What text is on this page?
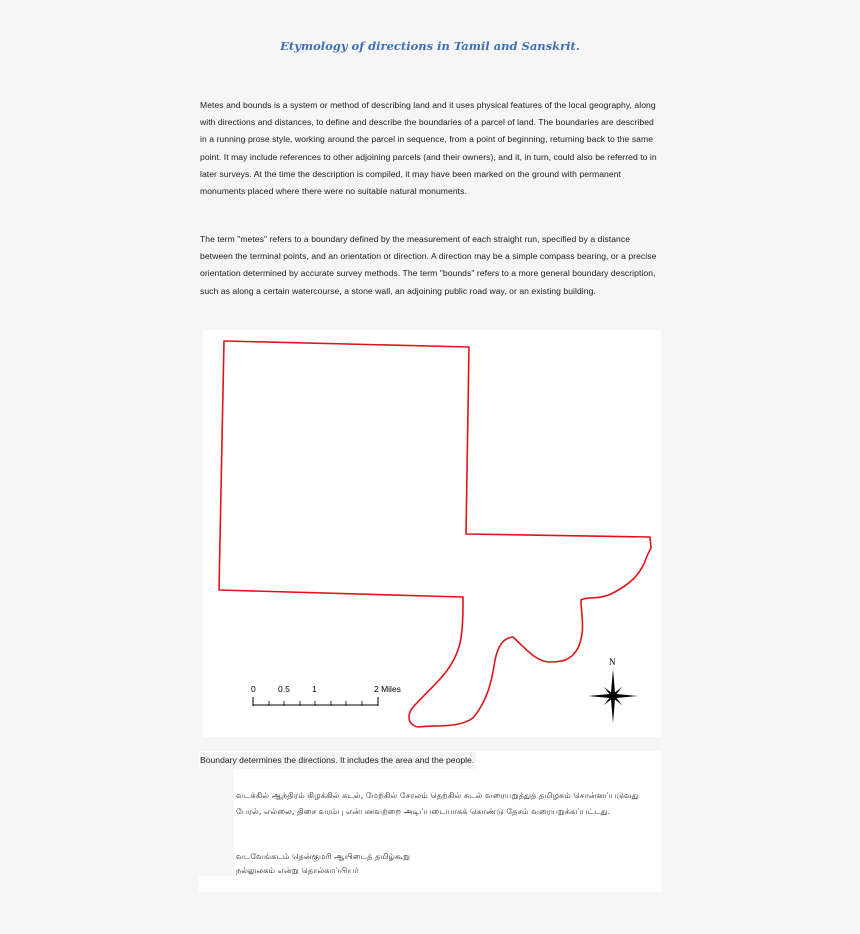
Etymology of directions in Tamil and Sanskrit.
Metes and bounds is a system or method of describing land and it uses physical features of the local geography, along with directions and distances, to define and describe the boundaries of a parcel of land. The boundaries are described in a running prose style, working around the parcel in sequence, from a point of beginning, returning back to the same point. It may include references to other adjoining parcels (and their owners), and it, in turn, could also be referred to in later surveys. At the time the description is compiled, it may have been marked on the ground with permanent monuments placed where there were no suitable natural monuments.
The term "metes" refers to a boundary defined by the measurement of each straight run, specified by a distance between the terminal points, and an orientation or direction. A direction may be a simple compass bearing, or a precise orientation determined by accurate survey methods. The term "bounds" refers to a more general boundary description, such as along a certain watercourse, a stone wall, an adjoining public road way, or an existing building.
0	0.5	1	2 Miles
N
Boundary determines the directions. It includes the area and the people.
வடக்கில் ஆந்திரம் கிழக்கில் கடல், மேற்கில் சேரலம் தெற்கில் கடல் வரையறுத்துத் தமிழகம் சொன்னப்படுவது பேரல், எல்லை, திசை வரம்பு என்பனவற்றை அடிப்படையாகக் கொண்டு தேசம் வரையறுக்கப்பட்டது.
வடவேங்கடம் தென்குமரி ஆயிடைத் தமிழ்கூறு
நல்லுலகம் என்று தொல்காப்பியர்
